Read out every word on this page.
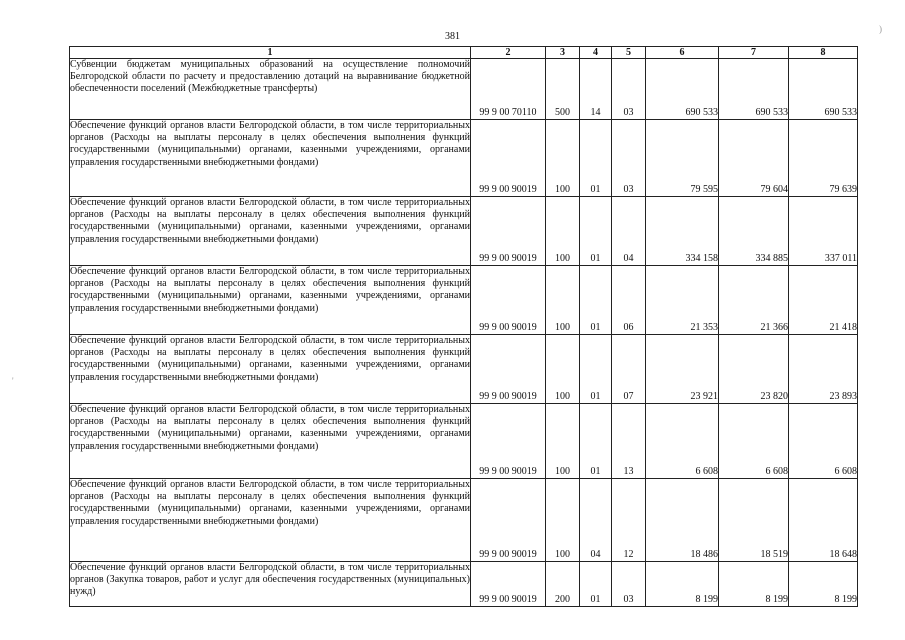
381
)
'
1	2	3	4	5	6	7	8
Субвенции бюджетам муниципальных образований на осуществление полномочий Белгородской области по расчету и предоставлению дотаций на выравнивание бюджетной обеспеченности поселений (Межбюджетные трансферты)	99 9 00 70110	500	14	03	690 533	690 533	690 533
Обеспечение функций органов власти Белгородской области, в том числе территориальных органов (Расходы на выплаты персоналу в целях обеспечения выполнения функций государственными (муниципальными) органами, казенными учреждениями, органами управления государственными внебюджетными фондами)	99 9 00 90019	100	01	03	79 595	79 604	79 639
Обеспечение функций органов власти Белгородской области, в том числе территориальных органов (Расходы на выплаты персоналу в целях обеспечения выполнения функций государственными (муниципальными) органами, казенными учреждениями, органами управления государственными внебюджетными фондами)	99 9 00 90019	100	01	04	334 158	334 885	337 011
Обеспечение функций органов власти Белгородской области, в том числе территориальных органов (Расходы на выплаты персоналу в целях обеспечения выполнения функций государственными (муниципальными) органами, казенными учреждениями, органами управления государственными внебюджетными фондами)	99 9 00 90019	100	01	06	21 353	21 366	21 418
Обеспечение функций органов власти Белгородской области, в том числе территориальных органов (Расходы на выплаты персоналу в целях обеспечения выполнения функций государственными (муниципальными) органами, казенными учреждениями, органами управления государственными внебюджетными фондами)	99 9 00 90019	100	01	07	23 921	23 820	23 893
Обеспечение функций органов власти Белгородской области, в том числе территориальных органов (Расходы на выплаты персоналу в целях обеспечения выполнения функций государственными (муниципальными) органами, казенными учреждениями, органами управления государственными внебюджетными фондами)	99 9 00 90019	100	01	13	6 608	6 608	6 608
Обеспечение функций органов власти Белгородской области, в том числе территориальных органов (Расходы на выплаты персоналу в целях обеспечения выполнения функций государственными (муниципальными) органами, казенными учреждениями, органами управления государственными внебюджетными фондами)	99 9 00 90019	100	04	12	18 486	18 519	18 648
Обеспечение функций органов власти Белгородской области, в том числе территориальных органов (Закупка товаров, работ и услуг для обеспечения государственных (муниципальных) нужд)	99 9 00 90019	200	01	03	8 199	8 199	8 199
